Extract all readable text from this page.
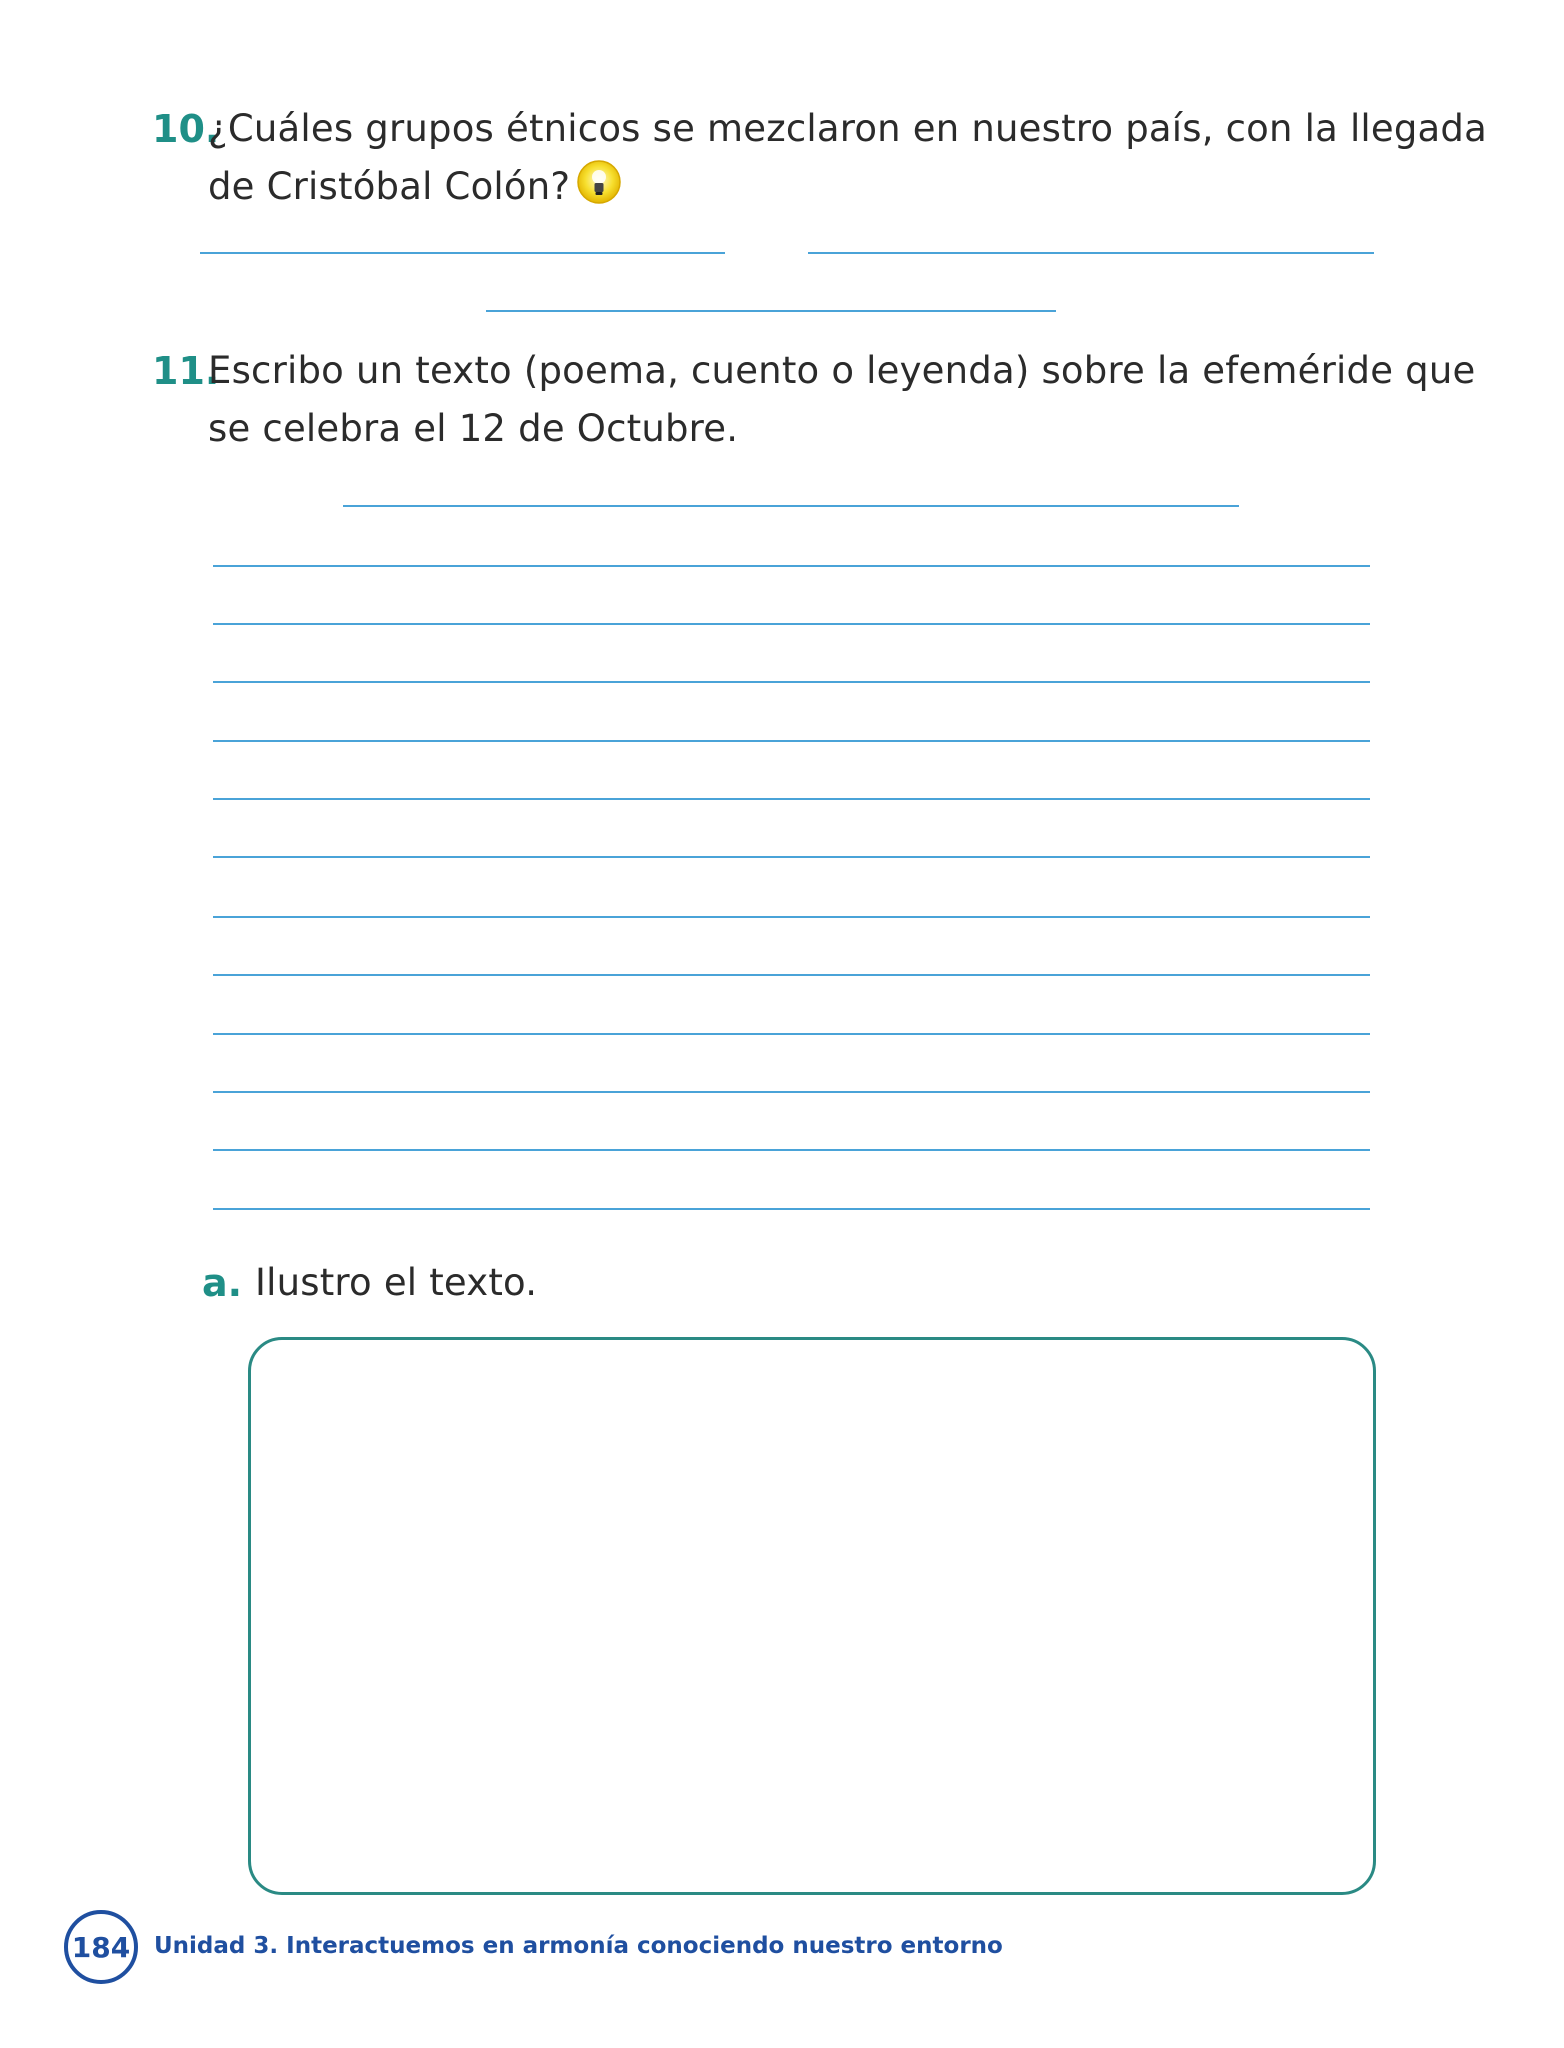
10.
¿Cuáles grupos étnicos se mezclaron en nuestro país, con la llegada
de Cristóbal Colón?
11.
Escribo un texto (poema, cuento o leyenda) sobre la efeméride que
se celebra el 12 de Octubre.
a. Ilustro el texto.
184	Unidad 3. Interactuemos en armonía conociendo nuestro entorno
